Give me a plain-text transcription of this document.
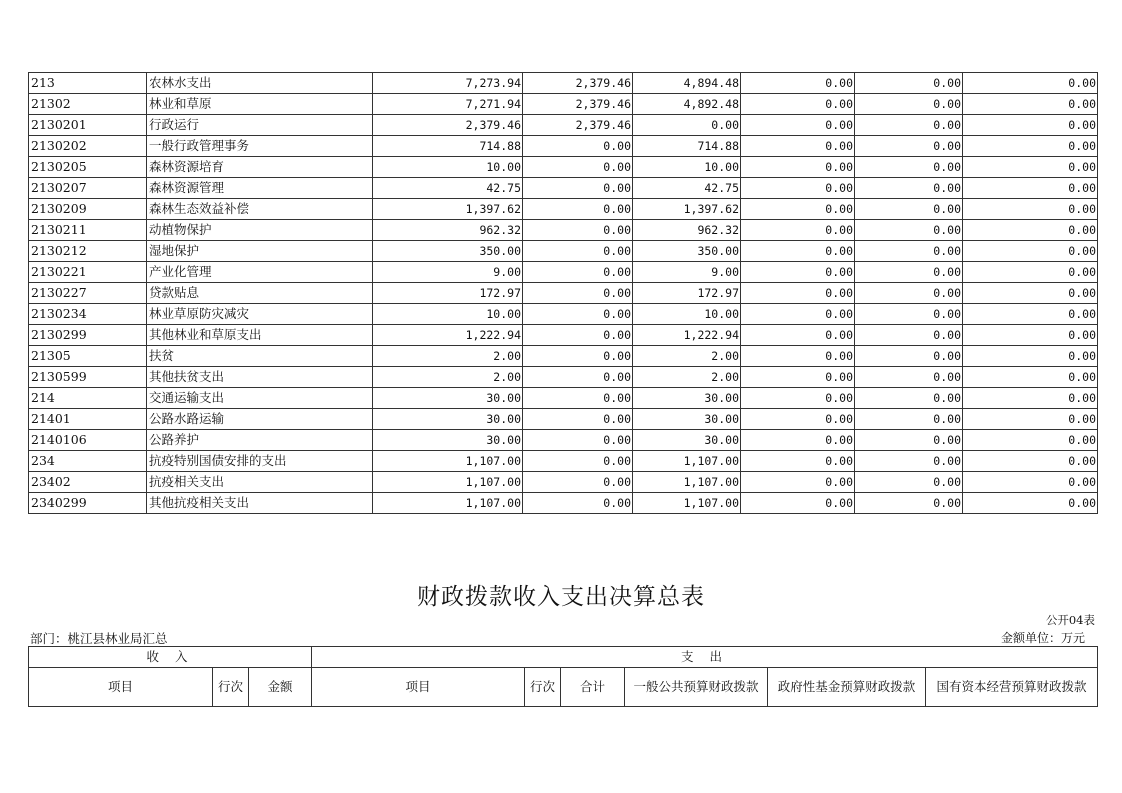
213	农林水支出	7,273.94	2,379.46	4,894.48	0.00	0.00	0.00
21302	林业和草原	7,271.94	2,379.46	4,892.48	0.00	0.00	0.00
2130201	行政运行	2,379.46	2,379.46	0.00	0.00	0.00	0.00
2130202	一般行政管理事务	714.88	0.00	714.88	0.00	0.00	0.00
2130205	森林资源培育	10.00	0.00	10.00	0.00	0.00	0.00
2130207	森林资源管理	42.75	0.00	42.75	0.00	0.00	0.00
2130209	森林生态效益补偿	1,397.62	0.00	1,397.62	0.00	0.00	0.00
2130211	动植物保护	962.32	0.00	962.32	0.00	0.00	0.00
2130212	湿地保护	350.00	0.00	350.00	0.00	0.00	0.00
2130221	产业化管理	9.00	0.00	9.00	0.00	0.00	0.00
2130227	贷款贴息	172.97	0.00	172.97	0.00	0.00	0.00
2130234	林业草原防灾减灾	10.00	0.00	10.00	0.00	0.00	0.00
2130299	其他林业和草原支出	1,222.94	0.00	1,222.94	0.00	0.00	0.00
21305	扶贫	2.00	0.00	2.00	0.00	0.00	0.00
2130599	其他扶贫支出	2.00	0.00	2.00	0.00	0.00	0.00
214	交通运输支出	30.00	0.00	30.00	0.00	0.00	0.00
21401	公路水路运输	30.00	0.00	30.00	0.00	0.00	0.00
2140106	公路养护	30.00	0.00	30.00	0.00	0.00	0.00
234	抗疫特别国债安排的支出	1,107.00	0.00	1,107.00	0.00	0.00	0.00
23402	抗疫相关支出	1,107.00	0.00	1,107.00	0.00	0.00	0.00
2340299	其他抗疫相关支出	1,107.00	0.00	1,107.00	0.00	0.00	0.00
财政拨款收入支出决算总表
公开04表
部门：桃江县林业局汇总	金额单位：万元
收 入			支 出					
项目	行次	金额	项目	行次	合计	一般公共预算财政拨款	政府性基金预算财政拨款	国有资本经营预算财政拨款
